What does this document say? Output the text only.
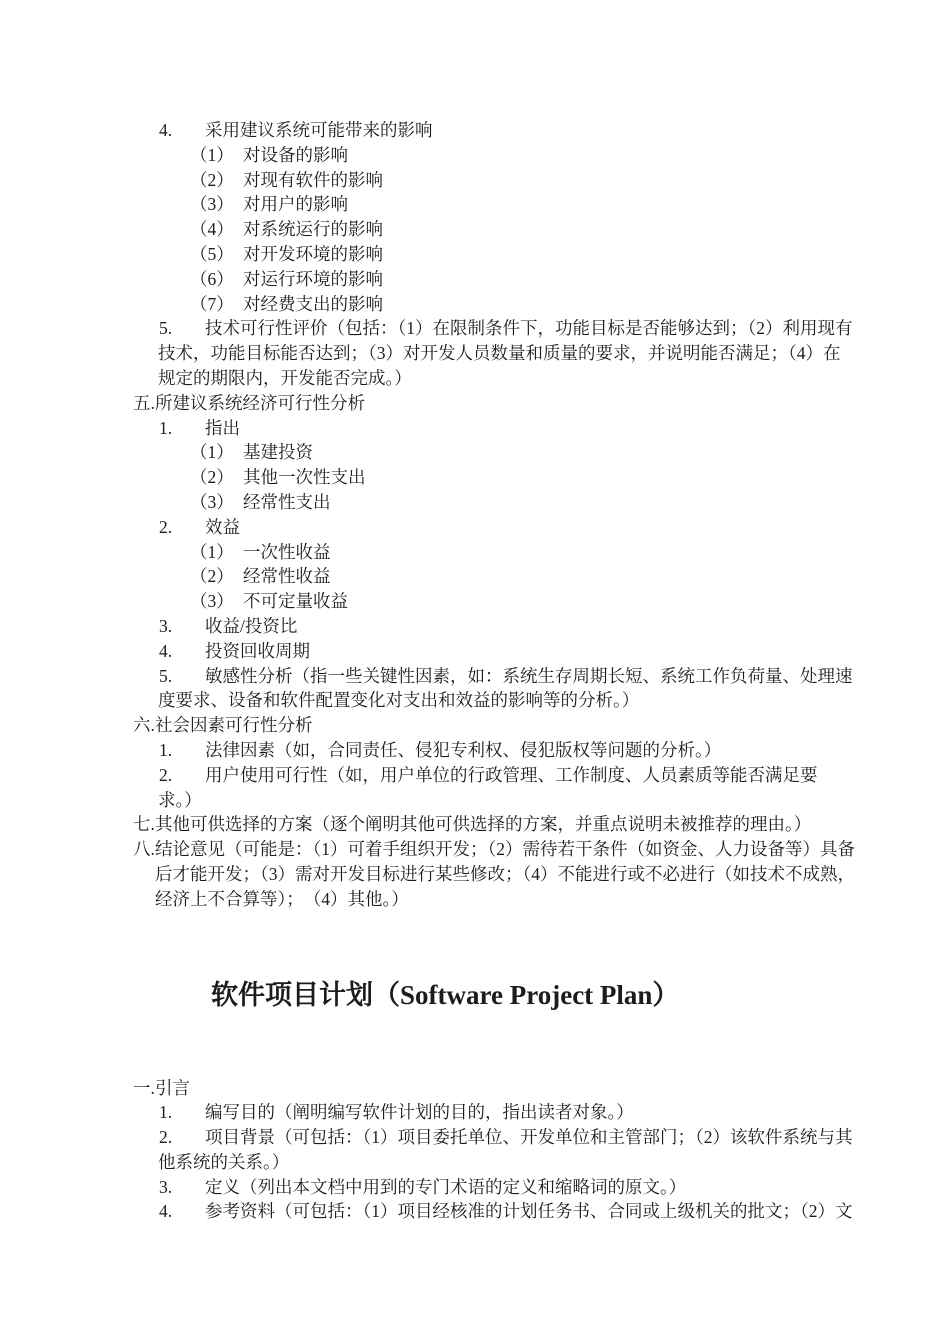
4. 采用建议系统可能带来的影响
（1） 对设备的影响
（2） 对现有软件的影响
（3） 对用户的影响
（4） 对系统运行的影响
（5） 对开发环境的影响
（6） 对运行环境的影响
（7） 对经费支出的影响
5. 技术可行性评价（包括：（1）在限制条件下，功能目标是否能够达到；（2）利用现有
技术，功能目标能否达到；（3）对开发人员数量和质量的要求，并说明能否满足；（4）在
规定的期限内，开发能否完成。）
五.所建议系统经济可行性分析
1. 指出
（1） 基建投资
（2） 其他一次性支出
（3） 经常性支出
2. 效益
（1） 一次性收益
（2） 经常性收益
（3） 不可定量收益
3. 收益/投资比
4. 投资回收周期
5. 敏感性分析（指一些关键性因素，如：系统生存周期长短、系统工作负荷量、处理速
度要求、设备和软件配置变化对支出和效益的影响等的分析。）
六.社会因素可行性分析
1. 法律因素（如，合同责任、侵犯专利权、侵犯版权等问题的分析。）
2. 用户使用可行性（如，用户单位的行政管理、工作制度、人员素质等能否满足要
求。）
七.其他可供选择的方案（逐个阐明其他可供选择的方案，并重点说明未被推荐的理由。）
八.结论意见（可能是：（1）可着手组织开发；（2）需待若干条件（如资金、人力设备等）具备
后才能开发；（3）需对开发目标进行某些修改；（4）不能进行或不必进行（如技术不成熟，
经济上不合算等）；　（4）其他。）
软件项目计划（Software Project Plan）
一.引言
1. 编写目的（阐明编写软件计划的目的，指出读者对象。）
2. 项目背景（可包括：（1）项目委托单位、开发单位和主管部门；（2）该软件系统与其
他系统的关系。）
3. 定义（列出本文档中用到的专门术语的定义和缩略词的原文。）
4. 参考资料（可包括：（1）项目经核准的计划任务书、合同或上级机关的批文；（2）文
